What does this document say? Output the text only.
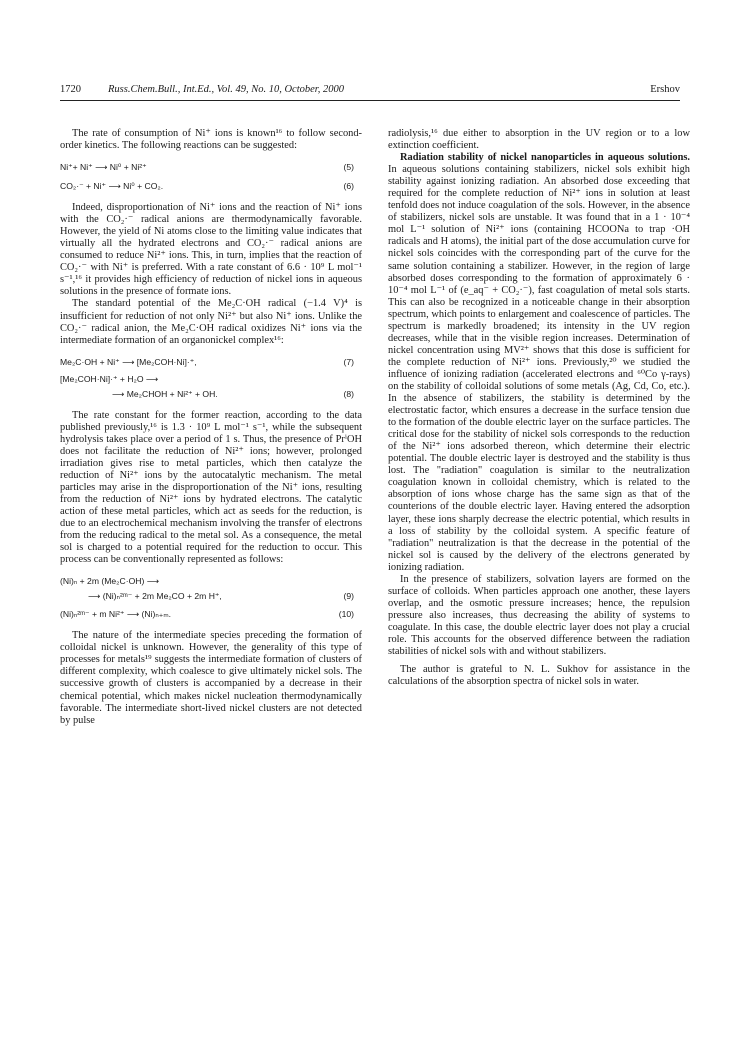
1720	Russ.Chem.Bull., Int.Ed., Vol. 49, No. 10, October, 2000	Ershov

The rate of consumption of Ni⁺ ions is known¹⁶ to follow second-order kinetics. The following reactions can be suggested:

Ni⁺+ Ni⁺ ⟶ Ni⁰ + Ni²⁺	(5)
CO₂·⁻ + Ni⁺ ⟶ Ni⁰ + CO₂.	(6)

Indeed, disproportionation of Ni⁺ ions and the reaction of Ni⁺ ions with the CO₂·⁻ radical anions are thermodynamically favorable. However, the yield of Ni atoms close to the limiting value indicates that virtually all the hydrated electrons and CO₂·⁻ radical anions are consumed to reduce Ni²⁺ ions. This, in turn, implies that the reaction of CO₂·⁻ with Ni⁺ is preferred. With a rate constant of 6.6 · 10⁹ L mol⁻¹ s⁻¹,¹⁶ it provides high efficiency of reduction of nickel ions in aqueous solutions in the presence of formate ions.

The standard potential of the Me₂C·OH radical (−1.4 V)⁴ is insufficient for reduction of not only Ni²⁺ but also Ni⁺ ions. Unlike the CO₂·⁻ radical anion, the Me₂C·OH radical oxidizes Ni⁺ ions via the intermediate formation of an organonickel complex¹⁶:

Me₂C·OH + Ni⁺ ⟶ [Me₂COH·Ni]·⁺,	(7)
[Me₂COH·Ni]·⁺ + H₂O ⟶
⟶ Me₂CHOH + Ni²⁺ + OH.	(8)

The rate constant for the former reaction, according to the data published previously,¹⁶ is 1.3 · 10⁹ L mol⁻¹ s⁻¹, while the subsequent hydrolysis takes place over a period of 1 s. Thus, the presence of PrⁱOH does not facilitate the reduction of Ni²⁺ ions; however, prolonged irradiation gives rise to metal particles, which then catalyze the reduction of Ni²⁺ ions by the autocatalytic mechanism. The metal particles may arise in the disproportionation of the Ni⁺ ions, resulting from the reduction of Ni²⁺ ions by hydrated electrons. The catalytic action of these metal particles, which act as seeds for the reduction, is due to an electrochemical mechanism involving the transfer of electrons from the reducing radical to the metal sol. As a consequence, the metal sol is charged to a potential required for the reduction to occur. This process can be conventionally represented as follows:

(Ni)ₙ + 2m (Me₂C·OH) ⟶
⟶ (Ni)ₙ²ᵐ⁻ + 2m Me₂CO + 2m H⁺,	(9)
(Ni)ₙ²ᵐ⁻ + m Ni²⁺ ⟶ (Ni)ₙ₊ₘ.	(10)

The nature of the intermediate species preceding the formation of colloidal nickel is unknown. However, the generality of this type of processes for metals¹⁹ suggests the intermediate formation of clusters of different complexity, which coalesce to give ultimately nickel sols. The successive growth of clusters is accompanied by a decrease in their chemical potential, which makes nickel nucleation thermodynamically favorable. The intermediate short-lived nickel clusters are not detected by pulse

radiolysis,¹⁶ due either to absorption in the UV region or to a low extinction coefficient.

Radiation stability of nickel nanoparticles in aqueous solutions. In aqueous solutions containing stabilizers, nickel sols exhibit high stability against ionizing radiation. An absorbed dose exceeding that required for the complete reduction of Ni²⁺ ions in solution at least tenfold does not induce coagulation of the sols. However, in the absence of stabilizers, nickel sols are unstable. It was found that in a 1 · 10⁻⁴ mol L⁻¹ solution of Ni²⁺ ions (containing HCOONa to trap ·OH radicals and H atoms), the initial part of the dose accumulation curve for nickel sols coincides with the corresponding part of the curve for the same solution containing a stabilizer. However, in the region of large absorbed doses corresponding to the formation of approximately 6 · 10⁻⁴ mol L⁻¹ of (e_aq⁻ + CO₂·⁻), fast coagulation of metal sols starts. This can also be recognized in a noticeable change in their absorption spectrum, which points to enlargement and coalescence of particles. The spectrum is markedly broadened; its intensity in the UV region decreases, while that in the visible region increases. Determination of nickel concentration using MV²⁺ shows that this dose is sufficient for the complete reduction of Ni²⁺ ions. Previously,²⁰ we studied the influence of ionizing radiation (accelerated electrons and ⁶⁰Co γ-rays) on the stability of colloidal solutions of some metals (Ag, Cd, Co, etc.). In the absence of stabilizers, the stability is determined by the electrostatic factor, which ensures a decrease in the surface tension due to the formation of the double electric layer on the surface particles. The critical dose for the stability of nickel sols corresponds to the reduction of the Ni²⁺ ions adsorbed thereon, which determine their electric potential. The double electric layer is destroyed and the stability is thus lost. The "radiation" coagulation is similar to the neutralization coagulation known in colloidal chemistry, which is related to the absorption of ions whose charge has the same sign as that of the counterions of the double electric layer. Having entered the adsorption layer, these ions sharply decrease the electric potential, which results in a loss of stability by the colloidal system. A specific feature of "radiation" neutralization is that the decrease in the potential of the nickel sol is caused by the delivery of the electrons generated by ionizing radiation.

In the presence of stabilizers, solvation layers are formed on the surface of colloids. When particles approach one another, these layers overlap, and the osmotic pressure increases; hence, the repulsion pressure also increases, thus decreasing the ability of systems to coagulate. In this case, the double electric layer does not play a crucial role. This accounts for the observed difference between the radiation stabilities of nickel sols with and without stabilizers.

The author is grateful to N. L. Sukhov for assistance in the calculations of the absorption spectra of nickel sols in water.
